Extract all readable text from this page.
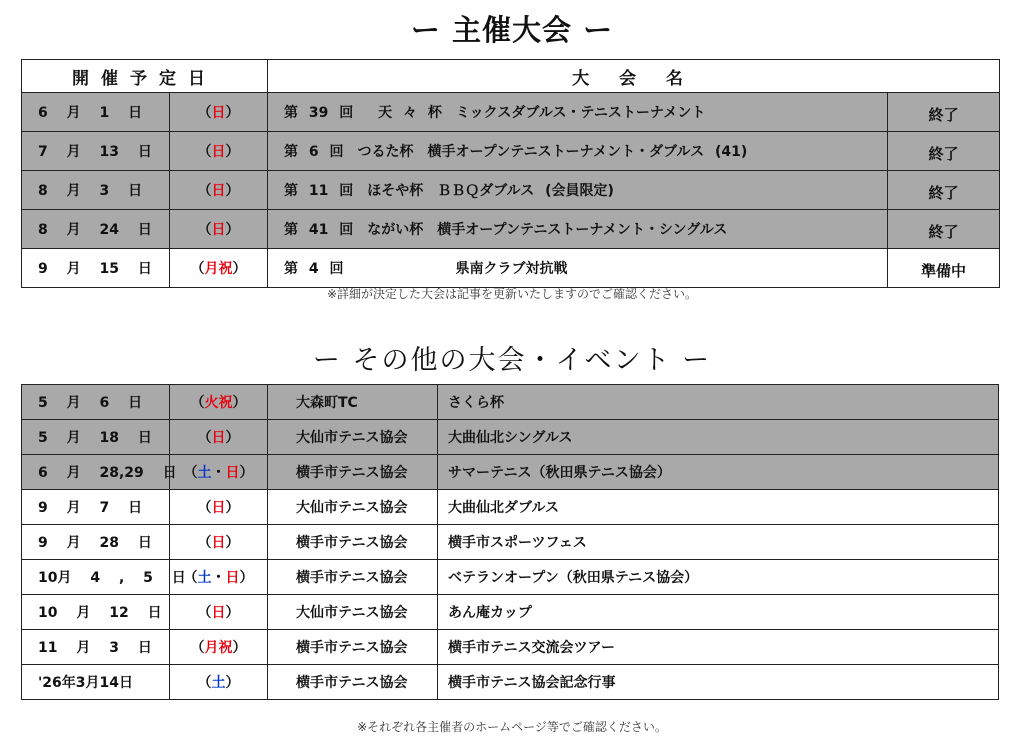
ー 主催大会 ー
開催予定日		大 会 名	
6 月 1 日	（日）	第 39 回　 天 々 杯　ミックスダブルス・テニストーナメント	終了
7 月 13 日	（日）	第 6 回　つるた杯　横手オープンテニストーナメント・ダブルス (41)	終了
8 月 3 日	（日）	第 11 回　ほそや杯　ＢＢＱダブルス (会員限定)	終了
8 月 24 日	（日）	第 41 回　ながい杯　横手オープンテニストーナメント・シングルス	終了
9 月 15 日	（月祝）	第 4 回　　　　　　　　県南クラブ対抗戦	準備中
※詳細が決定した大会は記事を更新いたしますのでご確認ください。
ー その他の大会・イベント ー
5 月 6 日	（火祝）	大森町TC	さくら杯
5 月 18 日	（日）	大仙市テニス協会	大曲仙北シングルス
6 月 28,29 日	（土・日）	横手市テニス協会	サマーテニス（秋田県テニス協会）
9 月 7 日	（日）	大仙市テニス協会	大曲仙北ダブルス
9 月 28 日	（日）	横手市テニス協会	横手市スポーツフェス
10月 4 , 5 日	（土・日）	横手市テニス協会	ベテランオープン（秋田県テニス協会）
10 月 12 日	（日）	大仙市テニス協会	あん庵カップ
11 月 3 日	（月祝）	横手市テニス協会	横手市テニス交流会ツアー
'26年3月14日	（土）	横手市テニス協会	横手市テニス協会記念行事
※それぞれ各主催者のホームページ等でご確認ください。
